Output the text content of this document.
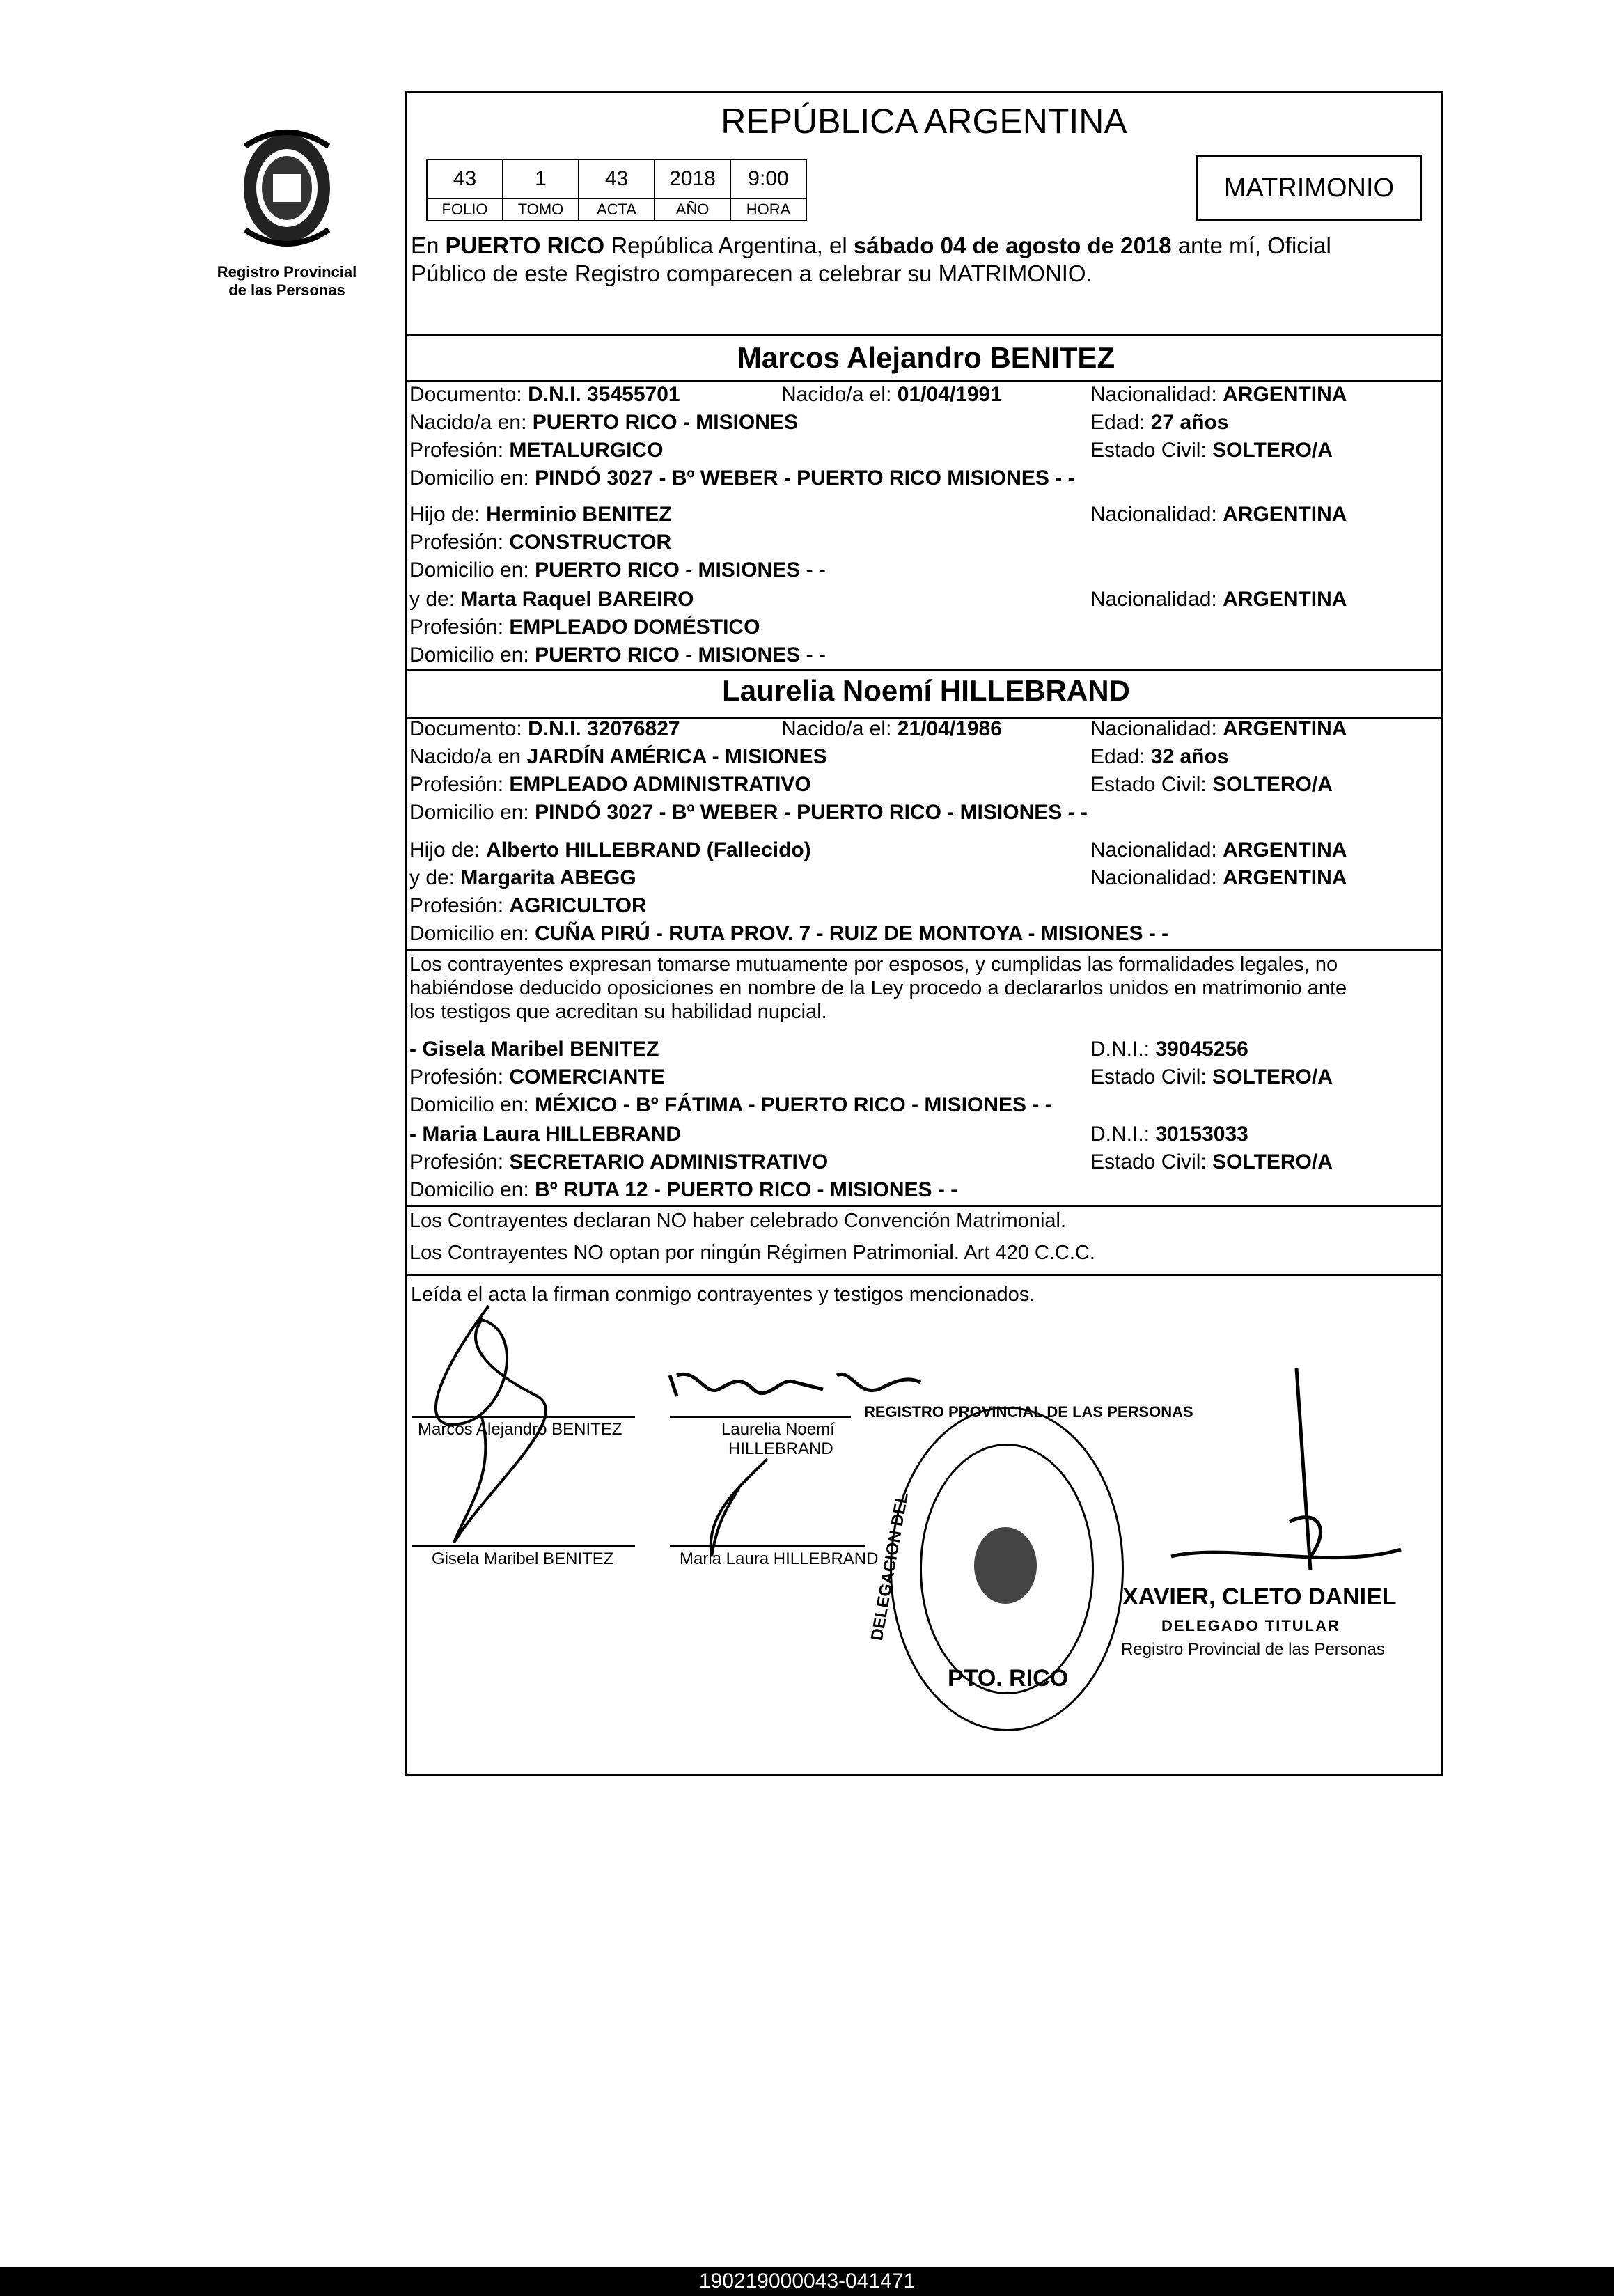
Registro Provincial
de las Personas
REPÚBLICA ARGENTINA
43	1	43	2018	9:00
FOLIO	TOMO	ACTA	AÑO	HORA
MATRIMONIO
En PUERTO RICO República Argentina, el sábado 04 de agosto de 2018 ante mí, Oficial
Público de este Registro comparecen a celebrar su MATRIMONIO.
Marcos Alejandro BENITEZ
Documento: D.N.I. 35455701	Nacido/a el: 01/04/1991	Nacionalidad: ARGENTINA
Nacido/a en: PUERTO RICO - MISIONES	Edad: 27 años
Profesión: METALURGICO	Estado Civil: SOLTERO/A
Domicilio en: PINDÓ 3027 - Bº WEBER - PUERTO RICO MISIONES - -
Hijo de: Herminio BENITEZ	Nacionalidad: ARGENTINA
Profesión: CONSTRUCTOR
Domicilio en: PUERTO RICO - MISIONES - -
y de: Marta Raquel BAREIRO	Nacionalidad: ARGENTINA
Profesión: EMPLEADO DOMÉSTICO
Domicilio en: PUERTO RICO - MISIONES - -
Laurelia Noemí HILLEBRAND
Documento: D.N.I. 32076827	Nacido/a el: 21/04/1986	Nacionalidad: ARGENTINA
Nacido/a en JARDÍN AMÉRICA - MISIONES	Edad: 32 años
Profesión: EMPLEADO ADMINISTRATIVO	Estado Civil: SOLTERO/A
Domicilio en: PINDÓ 3027 - Bº WEBER - PUERTO RICO - MISIONES - -
Hijo de: Alberto HILLEBRAND (Fallecido)	Nacionalidad: ARGENTINA
y de: Margarita ABEGG	Nacionalidad: ARGENTINA
Profesión: AGRICULTOR
Domicilio en: CUÑA PIRÚ - RUTA PROV. 7 - RUIZ DE MONTOYA - MISIONES - -
Los contrayentes expresan tomarse mutuamente por esposos, y cumplidas las formalidades legales, no
habiéndose deducido oposiciones en nombre de la Ley procedo a declararlos unidos en matrimonio ante
los testigos que acreditan su habilidad nupcial.
- Gisela Maribel BENITEZ	D.N.I.: 39045256
Profesión: COMERCIANTE	Estado Civil: SOLTERO/A
Domicilio en: MÉXICO - Bº FÁTIMA - PUERTO RICO - MISIONES - -
- Maria Laura HILLEBRAND	D.N.I.: 30153033
Profesión: SECRETARIO ADMINISTRATIVO	Estado Civil: SOLTERO/A
Domicilio en: Bº RUTA 12 - PUERTO RICO - MISIONES - -
Los Contrayentes declaran NO haber celebrado Convención Matrimonial.
Los Contrayentes NO optan por ningún Régimen Patrimonial. Art 420 C.C.C.
Leída el acta la firman conmigo contrayentes y testigos mencionados.
Marcos Alejandro BENITEZ	Laurelia Noemí
HILLEBRAND
Gisela Maribel BENITEZ	Maria Laura HILLEBRAND
REGISTRO PROVINCIAL DE LAS PERSONAS
DELEGACION DEL
PTO. RICO
XAVIER, CLETO DANIEL
DELEGADO TITULAR
Registro Provincial de las Personas
190219000043-041471
